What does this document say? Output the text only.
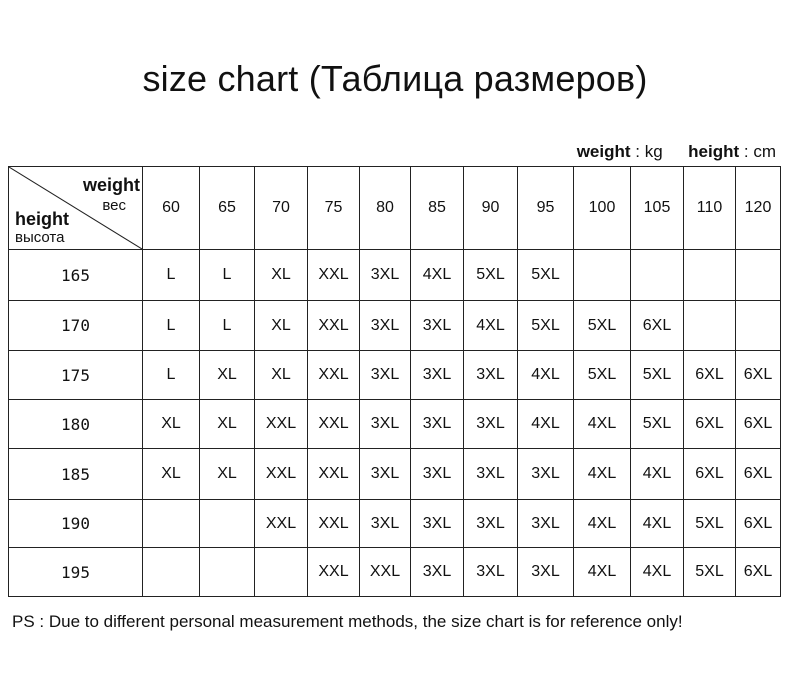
size chart (Таблица размеров)
weight : kg height : cm
weight
вес
height
высота	60	65	70	75	80	85	90	95	100	105	110	120
165	L	L	XL	XXL	3XL	4XL	5XL	5XL				
170	L	L	XL	XXL	3XL	3XL	4XL	5XL	5XL	6XL		
175	L	XL	XL	XXL	3XL	3XL	3XL	4XL	5XL	5XL	6XL	6XL
180	XL	XL	XXL	XXL	3XL	3XL	3XL	4XL	4XL	5XL	6XL	6XL
185	XL	XL	XXL	XXL	3XL	3XL	3XL	3XL	4XL	4XL	6XL	6XL
190			XXL	XXL	3XL	3XL	3XL	3XL	4XL	4XL	5XL	6XL
195				XXL	XXL	3XL	3XL	3XL	4XL	4XL	5XL	6XL
PS : Due to different personal measurement methods, the size chart is for reference only!
